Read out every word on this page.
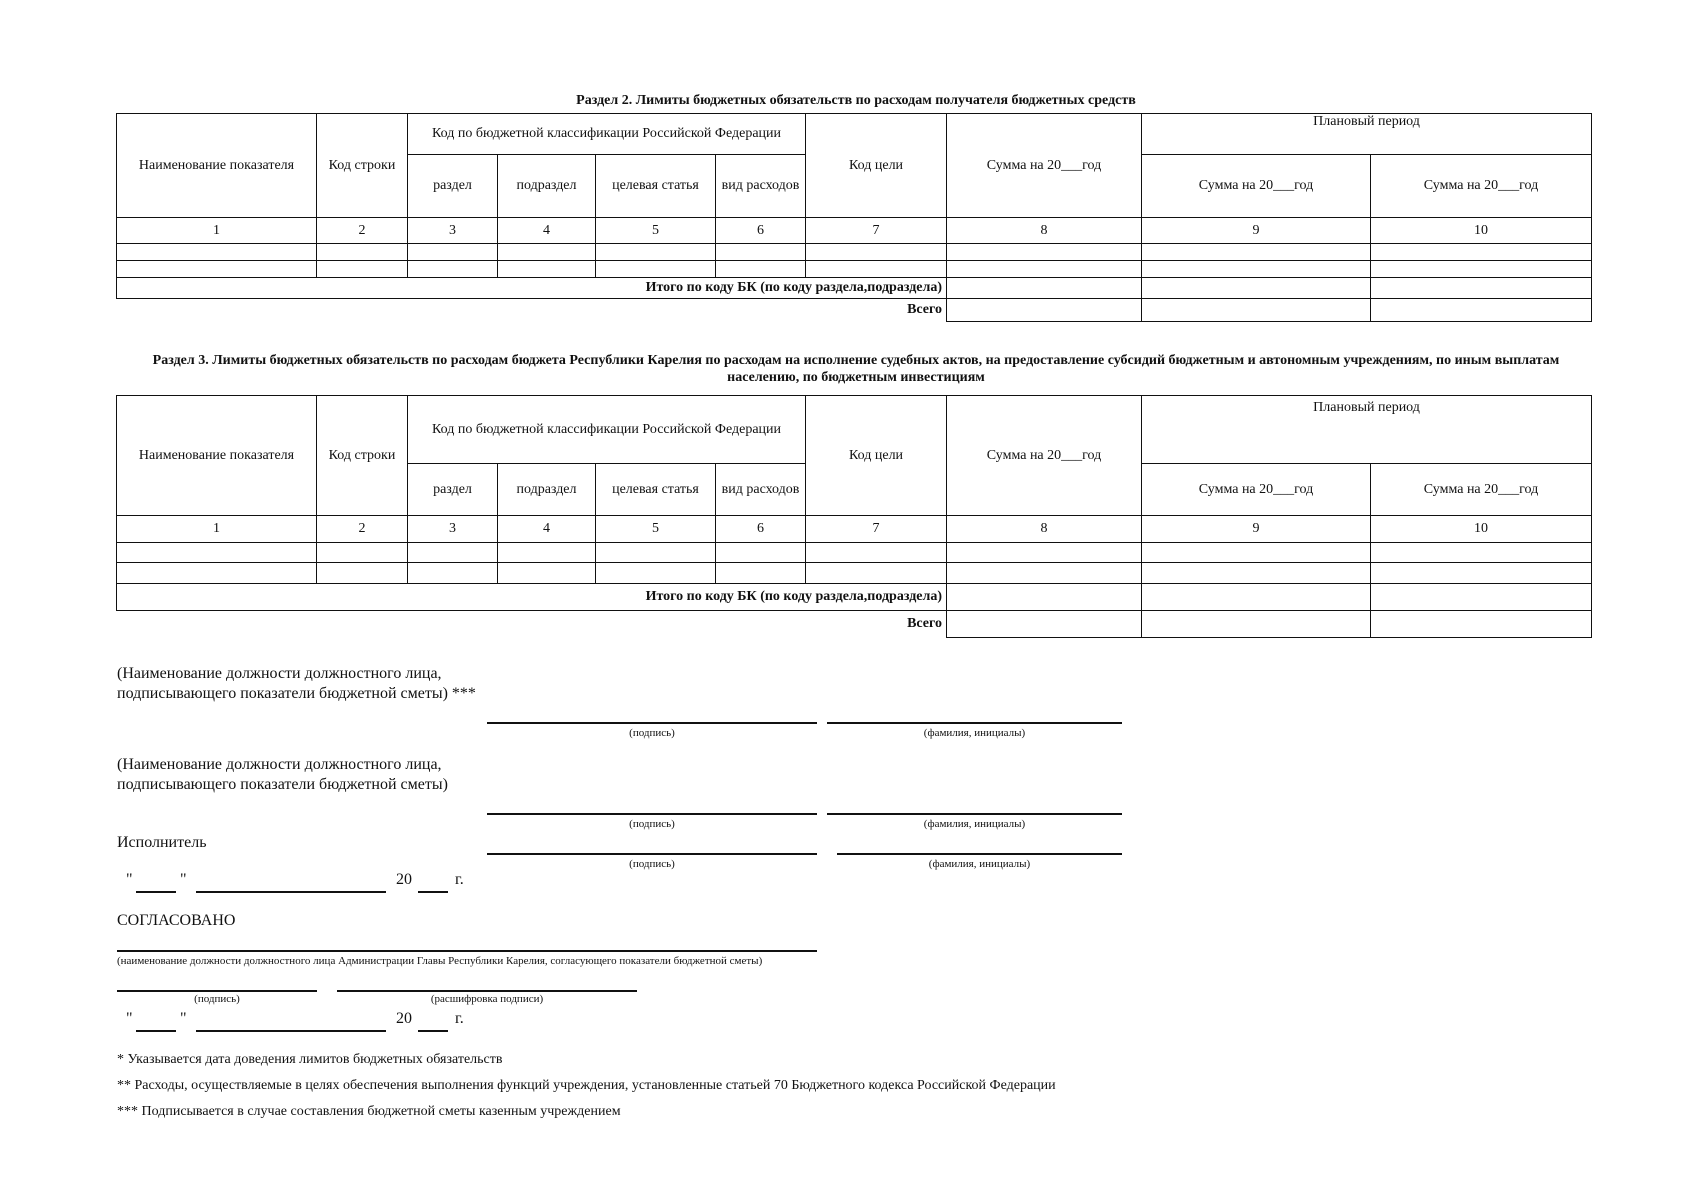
Раздел 2. Лимиты бюджетных обязательств по расходам получателя бюджетных средств
Наименование показателя	Код строки	Код по бюджетной классификации Российской Федерации				Код цели	Сумма на 20___год	Плановый период	
		раздел	подраздел	целевая статья	вид расходов			Сумма на 20___год	Сумма на 20___год
1	2	3	4	5	6	7	8	9	10

Итого по коду БК (по коду раздела,подраздела)									
Всего									
Раздел 3. Лимиты бюджетных обязательств по расходам бюджета Республики Карелия по расходам на исполнение судебных актов, на предоставление субсидий бюджетным и автономным учреждениям, по иным выплатам населению, по бюджетным инвестициям
Наименование показателя	Код строки	Код по бюджетной классификации Российской Федерации				Код цели	Сумма на 20___год	Плановый период	
		раздел	подраздел	целевая статья	вид расходов			Сумма на 20___год	Сумма на 20___год
1	2	3	4	5	6	7	8	9	10

Итого по коду БК (по коду раздела,подраздела)									
Всего									
(Наименование должности должностного лица, подписывающего показатели бюджетной сметы) ***
(подпись)	(фамилия, инициалы)
(Наименование должности должностного лица, подписывающего показатели бюджетной сметы)
(подпись)	(фамилия, инициалы)
Исполнитель
(подпись)	(фамилия, инициалы)
"	"	20	г.
СОГЛАСОВАНО
(наименование должности должностного лица Администрации Главы Республики Карелия, согласующего показатели бюджетной сметы)
(подпись)	(расшифровка подписи)
"	"	20	г.
* Указывается дата доведения лимитов бюджетных обязательств
** Расходы, осуществляемые в целях обеспечения выполнения функций учреждения, установленные статьей 70 Бюджетного кодекса Российской Федерации
*** Подписывается в случае составления бюджетной сметы казенным учреждением
